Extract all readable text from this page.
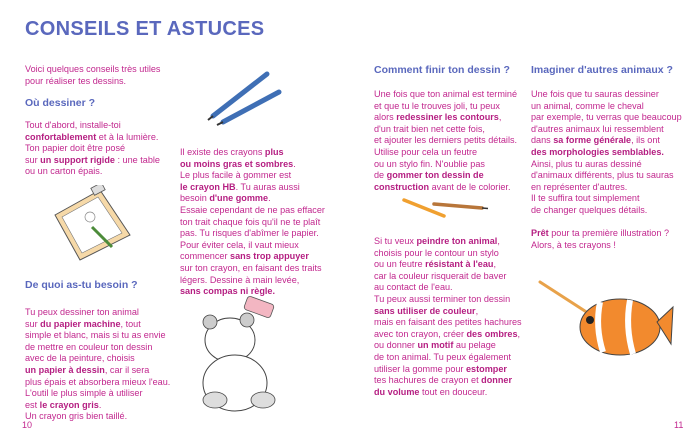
CONSEILS ET ASTUCES
Voici quelques conseils très utiles
pour réaliser tes dessins.
Où dessiner ?
Tout d'abord, installe-toi
confortablement et à la lumière.
Ton papier doit être posé
sur un support rigide : une table
ou un carton épais.
De quoi as-tu besoin ?
Tu peux dessiner ton animal
sur du papier machine, tout
simple et blanc, mais si tu as envie
de mettre en couleur ton dessin
avec de la peinture, choisis
un papier à dessin, car il sera
plus épais et absorbera mieux l'eau.
L'outil le plus simple à utiliser
est le crayon gris.
Un crayon gris bien taillé.
Il existe des crayons plus
ou moins gras et sombres.
Le plus facile à gommer est
le crayon HB. Tu auras aussi
besoin d'une gomme.
Essaie cependant de ne pas effacer
ton trait chaque fois qu'il ne te plaît
pas. Tu risques d'abîmer le papier.
Pour éviter cela, il vaut mieux
commencer sans trop appuyer
sur ton crayon, en faisant des traits
légers. Dessine à main levée,
sans compas ni règle.
Comment finir ton dessin ?
Une fois que ton animal est terminé
et que tu le trouves joli, tu peux
alors redessiner les contours,
d'un trait bien net cette fois,
et ajouter les derniers petits détails.
Utilise pour cela un feutre
ou un stylo fin. N'oublie pas
de gommer ton dessin de
construction avant de le colorier.
Si tu veux peindre ton animal,
choisis pour le contour un stylo
ou un feutre résistant à l'eau,
car la couleur risquerait de baver
au contact de l'eau.
Tu peux aussi terminer ton dessin
sans utiliser de couleur,
mais en faisant des petites hachures
avec ton crayon, créer des ombres,
ou donner un motif au pelage
de ton animal. Tu peux également
utiliser la gomme pour estomper
tes hachures de crayon et donner
du volume tout en douceur.
Imaginer d'autres animaux ?
Une fois que tu sauras dessiner
un animal, comme le cheval
par exemple, tu verras que beaucoup
d'autres animaux lui ressemblent
dans sa forme générale, ils ont
des morphologies semblables.
Ainsi, plus tu auras dessiné
d'animaux différents, plus tu sauras
en représenter d'autres.
Il te suffira tout simplement
de changer quelques détails.

Prêt pour ta première illustration ?
Alors, à tes crayons !
10	11
